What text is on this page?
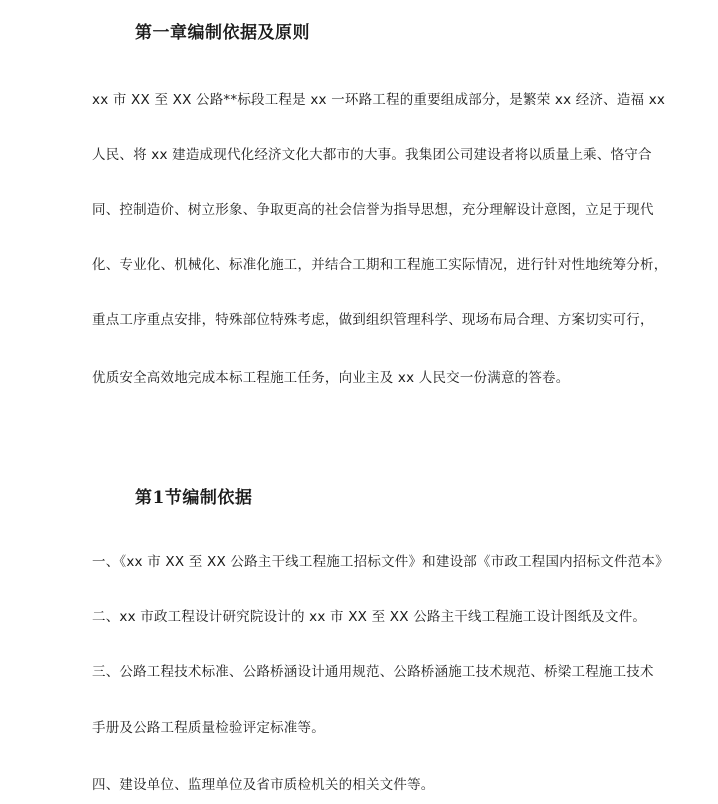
第一章编制依据及原则
xx 市 XX 至 XX 公路**标段工程是 xx 一环路工程的重要组成部分，是繁荣 xx 经济、造福 xx
人民、将 xx 建造成现代化经济文化大都市的大事。我集团公司建设者将以质量上乘、恪守合
同、控制造价、树立形象、争取更高的社会信誉为指导思想，充分理解设计意图，立足于现代
化、专业化、机械化、标准化施工，并结合工期和工程施工实际情况，进行针对性地统筹分析，
重点工序重点安排，特殊部位特殊考虑，做到组织管理科学、现场布局合理、方案切实可行，
优质安全高效地完成本标工程施工任务，向业主及 xx 人民交一份满意的答卷。
第1节编制依据
一、《xx 市 XX 至 XX 公路主干线工程施工招标文件》和建设部《市政工程国内招标文件范本》
二、xx 市政工程设计研究院设计的 xx 市 XX 至 XX 公路主干线工程施工设计图纸及文件。
三、公路工程技术标准、公路桥涵设计通用规范、公路桥涵施工技术规范、桥梁工程施工技术
手册及公路工程质量检验评定标准等。
四、建设单位、监理单位及省市质检机关的相关文件等。
